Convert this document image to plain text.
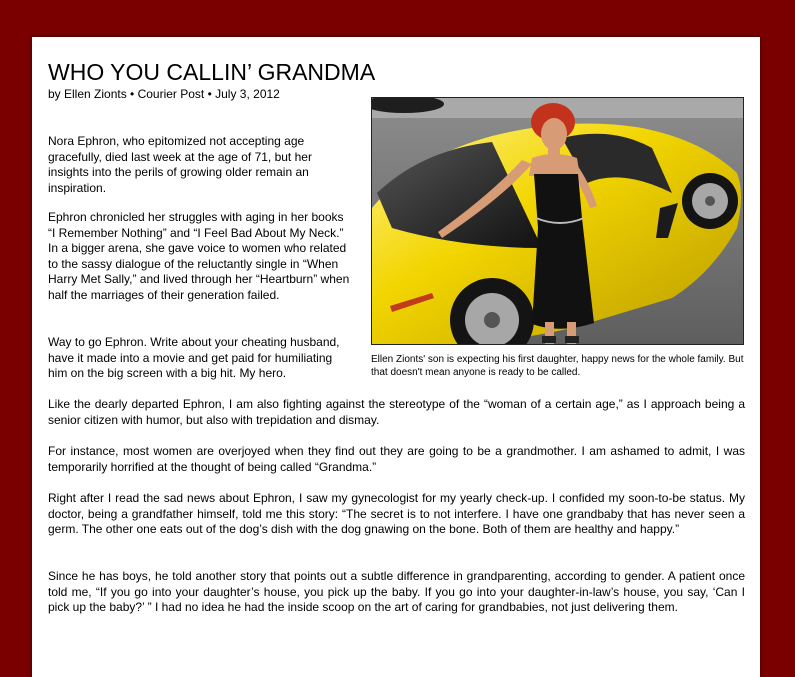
WHO YOU CALLIN’ GRANDMA
by Ellen Zionts • Courier Post • July 3, 2012
Ellen Zionts' son is expecting his first daughter, happy news for the whole family. But that doesn't mean anyone is ready to be called.

Nora Ephron, who epitomized not accepting age gracefully, died last week at the age of 71, but her insights into the perils of growing older remain an inspiration.

Ephron chronicled her struggles with aging in her books “I Remember Nothing” and “I Feel Bad About My Neck.” In a bigger arena, she gave voice to women who related to the sassy dialogue of the reluctantly single in “When Harry Met Sally,” and lived through her “Heartburn” when half the marriages of their generation failed.

Way to go Ephron. Write about your cheating husband, have it made into a movie and get paid for humiliating him on the big screen with a big hit. My hero.

Like the dearly departed Ephron, I am also fighting against the stereotype of the “woman of a certain age,” as I approach being a senior citizen with humor, but also with trepidation and dismay.

For instance, most women are overjoyed when they find out they are going to be a grandmother. I am ashamed to admit, I was temporarily horrified at the thought of being called “Grandma.”

Right after I read the sad news about Ephron, I saw my gynecologist for my yearly check-up. I confided my soon-to-be status. My doctor, being a grandfather himself, told me this story: “The secret is to not interfere. I have one grandbaby that has never seen a germ. The other one eats out of the dog’s dish with the dog gnawing on the bone. Both of them are healthy and happy.”

Since he has boys, he told another story that points out a subtle difference in grandparenting, according to gender. A patient once told me, “If you go into your daughter’s house, you pick up the baby. If you go into your daughter-in-law’s house, you say, ‘Can I pick up the baby?’ ” I had no idea he had the inside scoop on the art of caring for grandbabies, not just delivering them.
